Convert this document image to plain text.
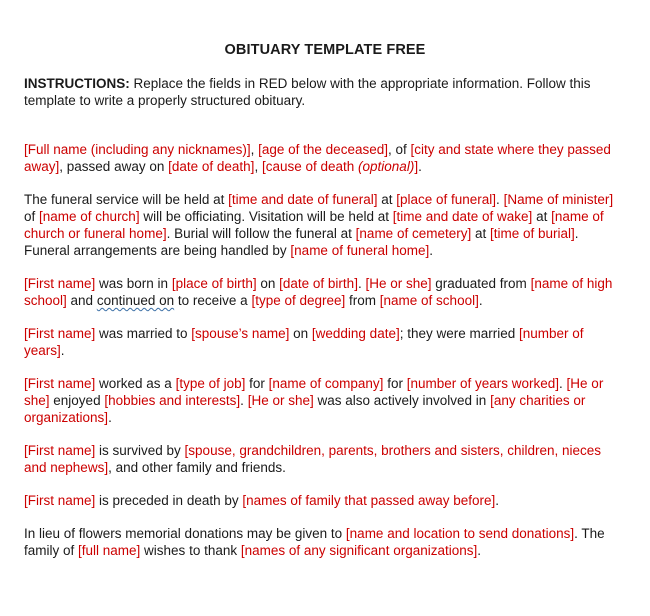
OBITUARY TEMPLATE FREE

INSTRUCTIONS: Replace the fields in RED below with the appropriate information. Follow this template to write a properly structured obituary.

[Full name (including any nicknames)], [age of the deceased], of [city and state where they passed away], passed away on [date of death], [cause of death (optional)].

The funeral service will be held at [time and date of funeral] at [place of funeral]. [Name of minister] of [name of church] will be officiating. Visitation will be held at [time and date of wake] at [name of church or funeral home]. Burial will follow the funeral at [name of cemetery] at [time of burial]. Funeral arrangements are being handled by [name of funeral home].

[First name] was born in [place of birth] on [date of birth]. [He or she] graduated from [name of high school] and continued on to receive a [type of degree] from [name of school].

[First name] was married to [spouse’s name] on [wedding date]; they were married [number of years].

[First name] worked as a [type of job] for [name of company] for [number of years worked]. [He or she] enjoyed [hobbies and interests]. [He or she] was also actively involved in [any charities or organizations].

[First name] is survived by [spouse, grandchildren, parents, brothers and sisters, children, nieces and nephews], and other family and friends.

[First name] is preceded in death by [names of family that passed away before].

In lieu of flowers memorial donations may be given to [name and location to send donations]. The family of [full name] wishes to thank [names of any significant organizations].
